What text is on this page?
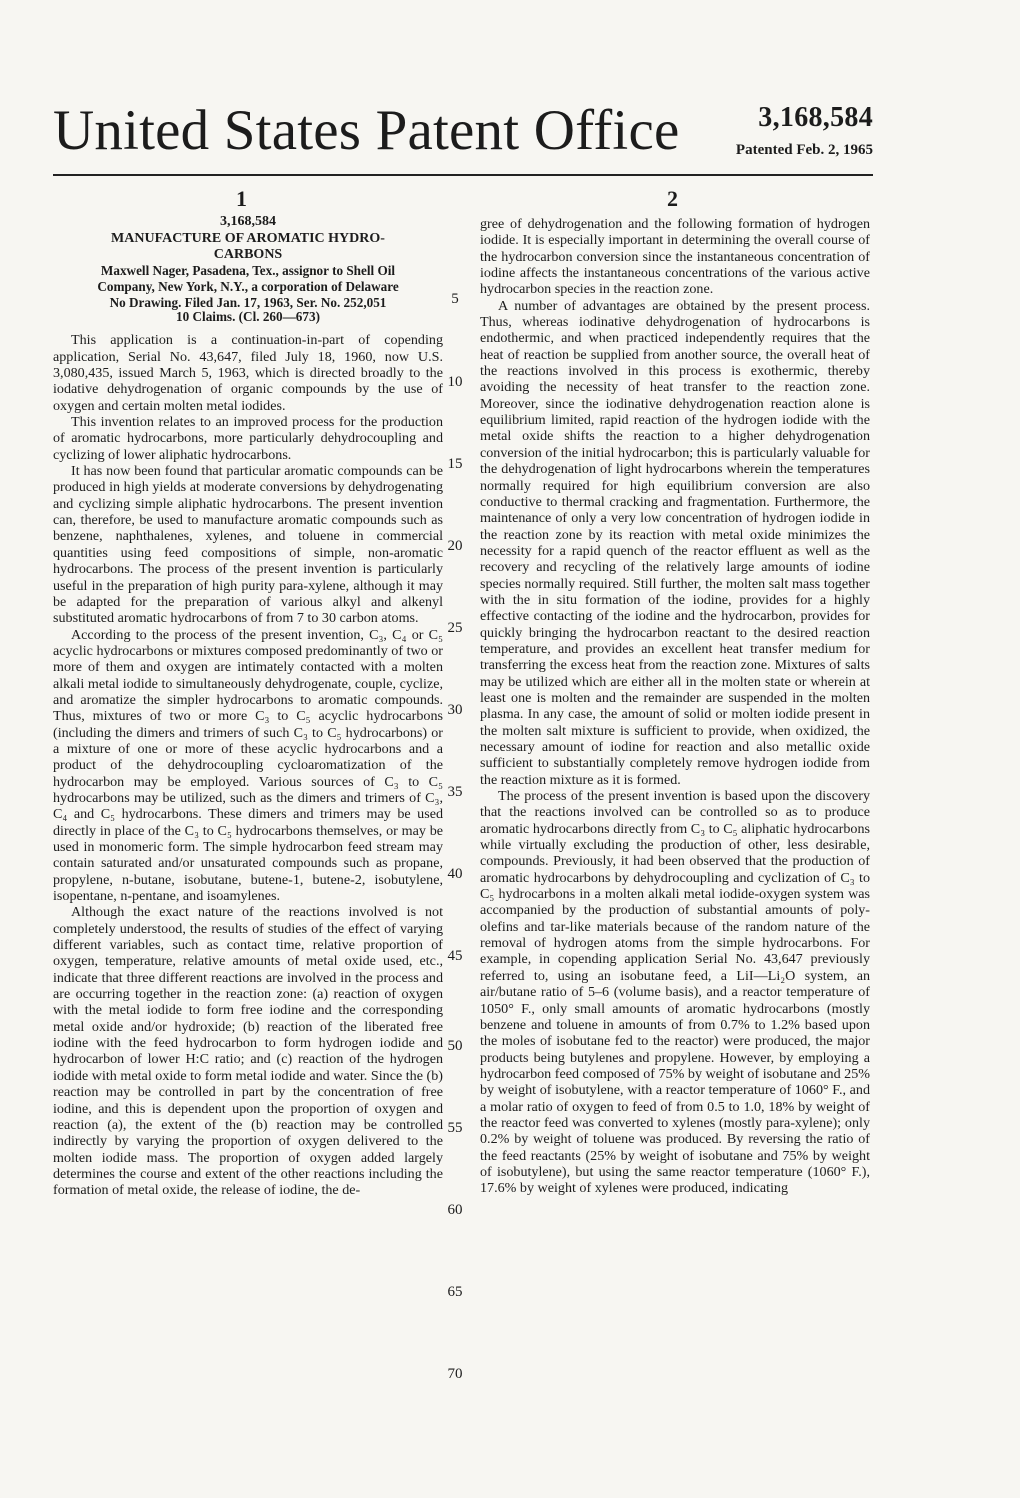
United States Patent Office	3,168,584
Patented Feb. 2, 1965
1	2
3,168,584
MANUFACTURE OF AROMATIC HYDRO-
CARBONS
Maxwell Nager, Pasadena, Tex., assignor to Shell Oil
Company, New York, N.Y., a corporation of Delaware
No Drawing. Filed Jan. 17, 1963, Ser. No. 252,051
10 Claims. (Cl. 260—673)

This application is a continuation-in-part of copending application, Serial No. 43,647, filed July 18, 1960, now U.S. 3,080,435, issued March 5, 1963, which is directed broadly to the iodative dehydrogenation of organic compounds by the use of oxygen and certain molten metal iodides.

This invention relates to an improved process for the production of aromatic hydrocarbons, more particularly dehydrocoupling and cyclizing of lower aliphatic hydrocarbons.

It has now been found that particular aromatic compounds can be produced in high yields at moderate conversions by dehydrogenating and cyclizing simple aliphatic hydrocarbons. The present invention can, therefore, be used to manufacture aromatic compounds such as benzene, naphthalenes, xylenes, and toluene in commercial quantities using feed compositions of simple, non-aromatic hydrocarbons. The process of the present invention is particularly useful in the preparation of high purity para-xylene, although it may be adapted for the preparation of various alkyl and alkenyl substituted aromatic hydrocarbons of from 7 to 30 carbon atoms.

According to the process of the present invention, C₃, C₄ or C₅ acyclic hydrocarbons or mixtures composed predominantly of two or more of them and oxygen are intimately contacted with a molten alkali metal iodide to simultaneously dehydrogenate, couple, cyclize, and aromatize the simpler hydrocarbons to aromatic compounds. Thus, mixtures of two or more C₃ to C₅ acyclic hydrocarbons (including the dimers and trimers of such C₃ to C₅ hydrocarbons) or a mixture of one or more of these acyclic hydrocarbons and a product of the dehydrocoupling cycloaromatization of the hydrocarbon may be employed. Various sources of C₃ to C₅ hydrocarbons may be utilized, such as the dimers and trimers of C₃, C₄ and C₅ hydrocarbons. These dimers and trimers may be used directly in place of the C₃ to C₅ hydrocarbons themselves, or may be used in monomeric form. The simple hydrocarbon feed stream may contain saturated and/or unsaturated compounds such as propane, propylene, n-butane, isobutane, butene-1, butene-2, isobutylene, isopentane, n-pentane, and isoamylenes.

Although the exact nature of the reactions involved is not completely understood, the results of studies of the effect of varying different variables, such as contact time, relative proportion of oxygen, temperature, relative amounts of metal oxide used, etc., indicate that three different reactions are involved in the process and are occurring together in the reaction zone: (a) reaction of oxygen with the metal iodide to form free iodine and the corresponding metal oxide and/or hydroxide; (b) reaction of the liberated free iodine with the feed hydrocarbon to form hydrogen iodide and hydrocarbon of lower H:C ratio; and (c) reaction of the hydrogen iodide with metal oxide to form metal iodide and water. Since the (b) reaction may be controlled in part by the concentration of free iodine, and this is dependent upon the proportion of oxygen and reaction (a), the extent of the (b) reaction may be controlled indirectly by varying the proportion of oxygen delivered to the molten iodide mass. The proportion of oxygen added largely determines the course and extent of the other reactions including the formation of metal oxide, the release of iodine, the de-

5
10
15
20
25
30
35
40
45
50
55
60
65
70

gree of dehydrogenation and the following formation of hydrogen iodide. It is especially important in determining the overall course of the hydrocarbon conversion since the instantaneous concentration of iodine affects the instantaneous concentrations of the various active hydrocarbon species in the reaction zone.

A number of advantages are obtained by the present process. Thus, whereas iodinative dehydrogenation of hydrocarbons is endothermic, and when practiced independently requires that the heat of reaction be supplied from another source, the overall heat of the reactions involved in this process is exothermic, thereby avoiding the necessity of heat transfer to the reaction zone. Moreover, since the iodinative dehydrogenation reaction alone is equilibrium limited, rapid reaction of the hydrogen iodide with the metal oxide shifts the reaction to a higher dehydrogenation conversion of the initial hydrocarbon; this is particularly valuable for the dehydrogenation of light hydrocarbons wherein the temperatures normally required for high equilibrium conversion are also conductive to thermal cracking and fragmentation. Furthermore, the maintenance of only a very low concentration of hydrogen iodide in the reaction zone by its reaction with metal oxide minimizes the necessity for a rapid quench of the reactor effluent as well as the recovery and recycling of the relatively large amounts of iodine species normally required. Still further, the molten salt mass together with the in situ formation of the iodine, provides for a highly effective contacting of the iodine and the hydrocarbon, provides for quickly bringing the hydrocarbon reactant to the desired reaction temperature, and provides an excellent heat transfer medium for transferring the excess heat from the reaction zone. Mixtures of salts may be utilized which are either all in the molten state or wherein at least one is molten and the remainder are suspended in the molten plasma. In any case, the amount of solid or molten iodide present in the molten salt mixture is sufficient to provide, when oxidized, the necessary amount of iodine for reaction and also metallic oxide sufficient to substantially completely remove hydrogen iodide from the reaction mixture as it is formed.

The process of the present invention is based upon the discovery that the reactions involved can be controlled so as to produce aromatic hydrocarbons directly from C₃ to C₅ aliphatic hydrocarbons while virtually excluding the production of other, less desirable, compounds. Previously, it had been observed that the production of aromatic hydrocarbons by dehydrocoupling and cyclization of C₃ to C₅ hydrocarbons in a molten alkali metal iodide-oxygen system was accompanied by the production of substantial amounts of poly-olefins and tar-like materials because of the random nature of the removal of hydrogen atoms from the simple hydrocarbons. For example, in copending application Serial No. 43,647 previously referred to, using an isobutane feed, a LiI—Li₂O system, an air/butane ratio of 5–6 (volume basis), and a reactor temperature of 1050° F., only small amounts of aromatic hydrocarbons (mostly benzene and toluene in amounts of from 0.7% to 1.2% based upon the moles of isobutane fed to the reactor) were produced, the major products being butylenes and propylene. However, by employing a hydrocarbon feed composed of 75% by weight of isobutane and 25% by weight of isobutylene, with a reactor temperature of 1060° F., and a molar ratio of oxygen to feed of from 0.5 to 1.0, 18% by weight of the reactor feed was converted to xylenes (mostly para-xylene); only 0.2% by weight of toluene was produced. By reversing the ratio of the feed reactants (25% by weight of isobutane and 75% by weight of isobutylene), but using the same reactor temperature (1060° F.), 17.6% by weight of xylenes were produced, indicating
